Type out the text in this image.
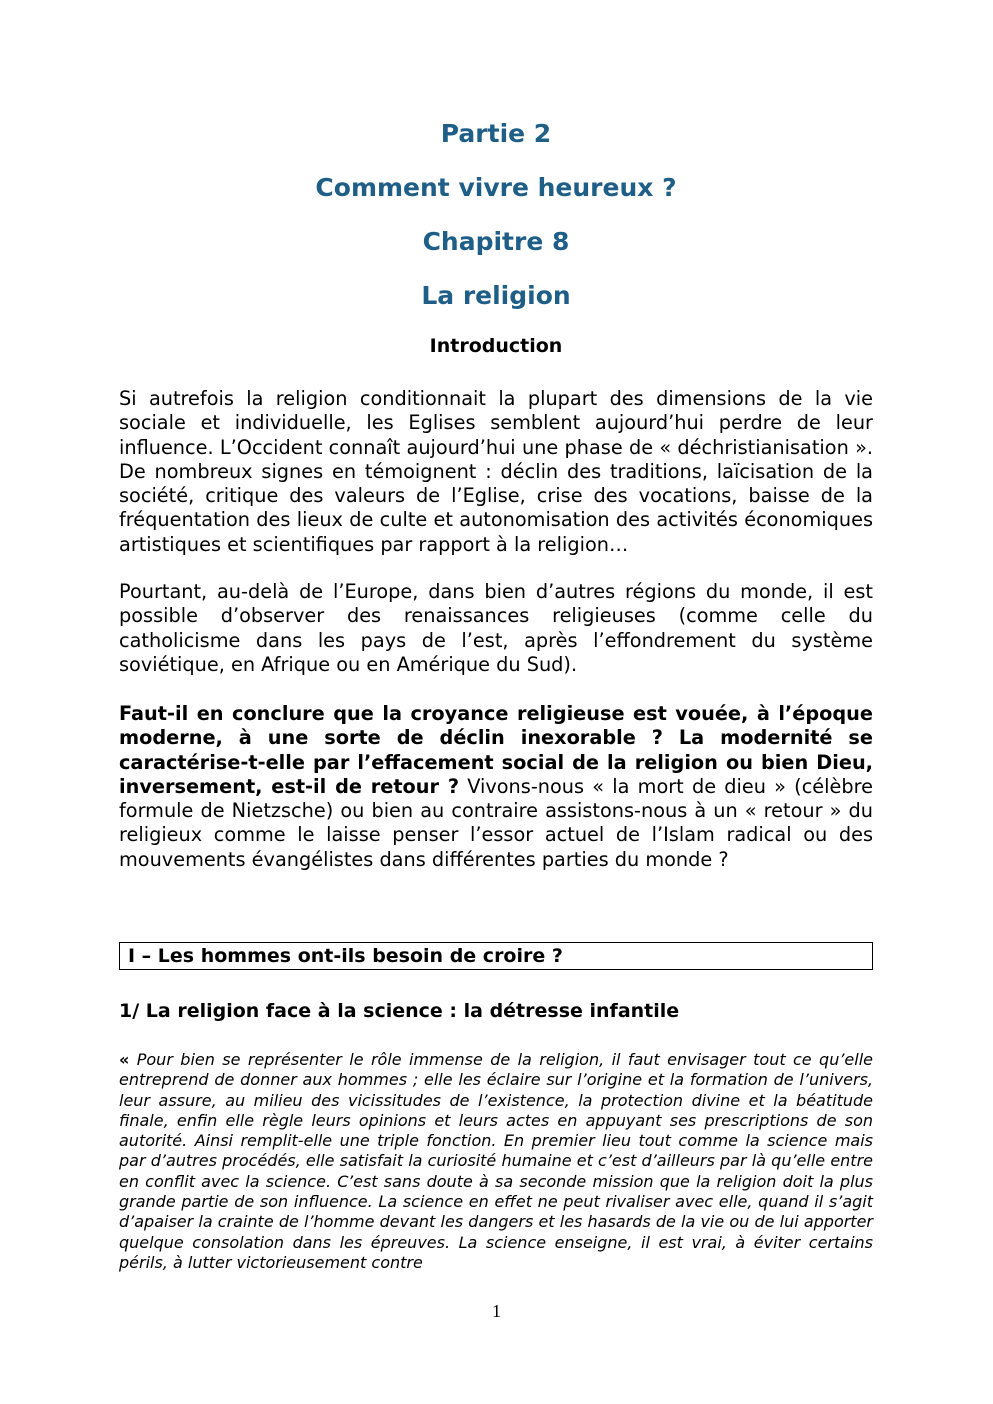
Partie 2
Comment vivre heureux ?
Chapitre 8
La religion
Introduction

Si autrefois la religion conditionnait la plupart des dimensions de la vie sociale et individuelle, les Eglises semblent aujourd’hui perdre de leur influence. L’Occident connaît aujourd’hui une phase de « déchristianisation ». De nombreux signes en témoignent : déclin des traditions, laïcisation de la société, critique des valeurs de l’Eglise, crise des vocations, baisse de la fréquentation des lieux de culte et autonomisation des activités économiques artistiques et scientifiques par rapport à la religion…

Pourtant, au-delà de l’Europe, dans bien d’autres régions du monde, il est possible d’observer des renaissances religieuses (comme celle du catholicisme dans les pays de l’est, après l’effondrement du système soviétique, en Afrique ou en Amérique du Sud).

Faut-il en conclure que la croyance religieuse est vouée, à l’époque moderne, à une sorte de déclin inexorable ? La modernité se caractérise-t-elle par l’effacement social de la religion ou bien Dieu, inversement, est-il de retour ? Vivons-nous « la mort de dieu » (célèbre formule de Nietzsche) ou bien au contraire assistons-nous à un « retour » du religieux comme le laisse penser l’essor actuel de l’Islam radical ou des mouvements évangélistes dans différentes parties du monde ?

I – Les hommes ont-ils besoin de croire ?
1/ La religion face à la science : la détresse infantile

« Pour bien se représenter le rôle immense de la religion, il faut envisager tout ce qu’elle entreprend de donner aux hommes ; elle les éclaire sur l’origine et la formation de l’univers, leur assure, au milieu des vicissitudes de l’existence, la protection divine et la béatitude finale, enfin elle règle leurs opinions et leurs actes en appuyant ses prescriptions de son autorité. Ainsi remplit-elle une triple fonction. En premier lieu tout comme la science mais par d’autres procédés, elle satisfait la curiosité humaine et c’est d’ailleurs par là qu’elle entre en conflit avec la science. C’est sans doute à sa seconde mission que la religion doit la plus grande partie de son influence. La science en effet ne peut rivaliser avec elle, quand il s’agit d’apaiser la crainte de l’homme devant les dangers et les hasards de la vie ou de lui apporter quelque consolation dans les épreuves. La science enseigne, il est vrai, à éviter certains périls, à lutter victorieusement contre

1
